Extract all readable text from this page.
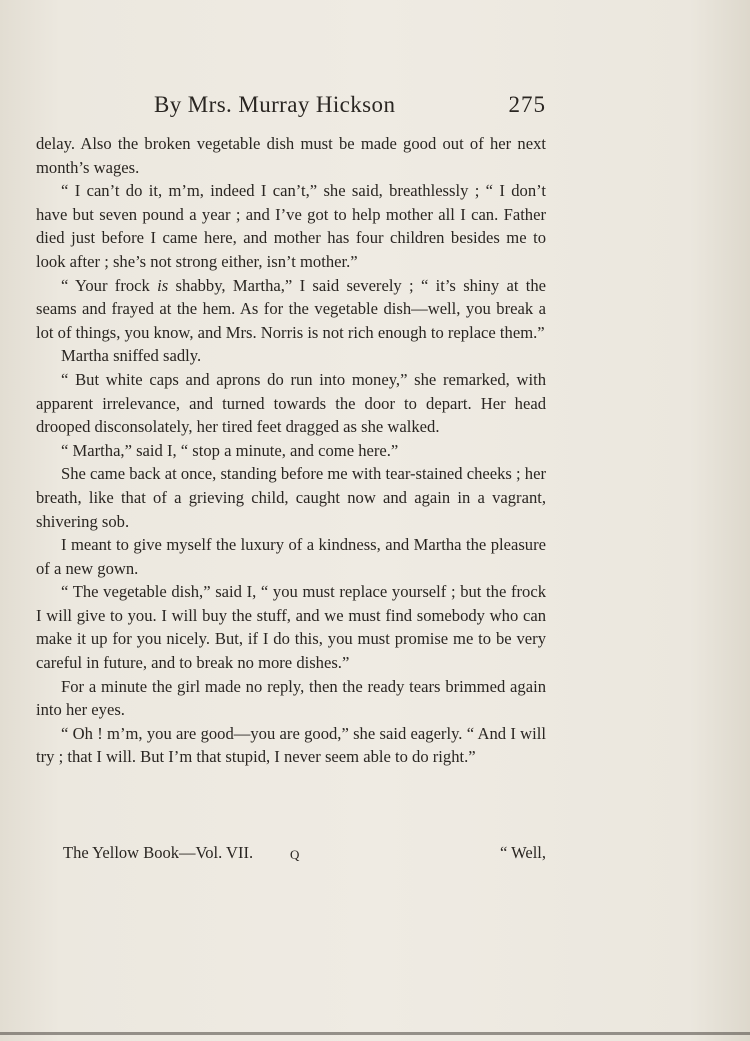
By Mrs. Murray Hickson	275

delay. Also the broken vegetable dish must be made good out of her next month’s wages.

“ I can’t do it, m’m, indeed I can’t,” she said, breathlessly ; “ I don’t have but seven pound a year ; and I’ve got to help mother all I can. Father died just before I came here, and mother has four children besides me to look after ; she’s not strong either, isn’t mother.”

“ Your frock is shabby, Martha,” I said severely ; “ it’s shiny at the seams and frayed at the hem. As for the vegetable dish—well, you break a lot of things, you know, and Mrs. Norris is not rich enough to replace them.”

Martha sniffed sadly.

“ But white caps and aprons do run into money,” she remarked, with apparent irrelevance, and turned towards the door to depart. Her head drooped disconsolately, her tired feet dragged as she walked.

“ Martha,” said I, “ stop a minute, and come here.”

She came back at once, standing before me with tear-stained cheeks ; her breath, like that of a grieving child, caught now and again in a vagrant, shivering sob.

I meant to give myself the luxury of a kindness, and Martha the pleasure of a new gown.

“ The vegetable dish,” said I, “ you must replace yourself ; but the frock I will give to you. I will buy the stuff, and we must find somebody who can make it up for you nicely. But, if I do this, you must promise me to be very careful in future, and to break no more dishes.”

For a minute the girl made no reply, then the ready tears brimmed again into her eyes.

“ Oh ! m’m, you are good—you are good,” she said eagerly. “ And I will try ; that I will. But I’m that stupid, I never seem able to do right.”

The Yellow Book—Vol. VII.	Q	“ Well,
